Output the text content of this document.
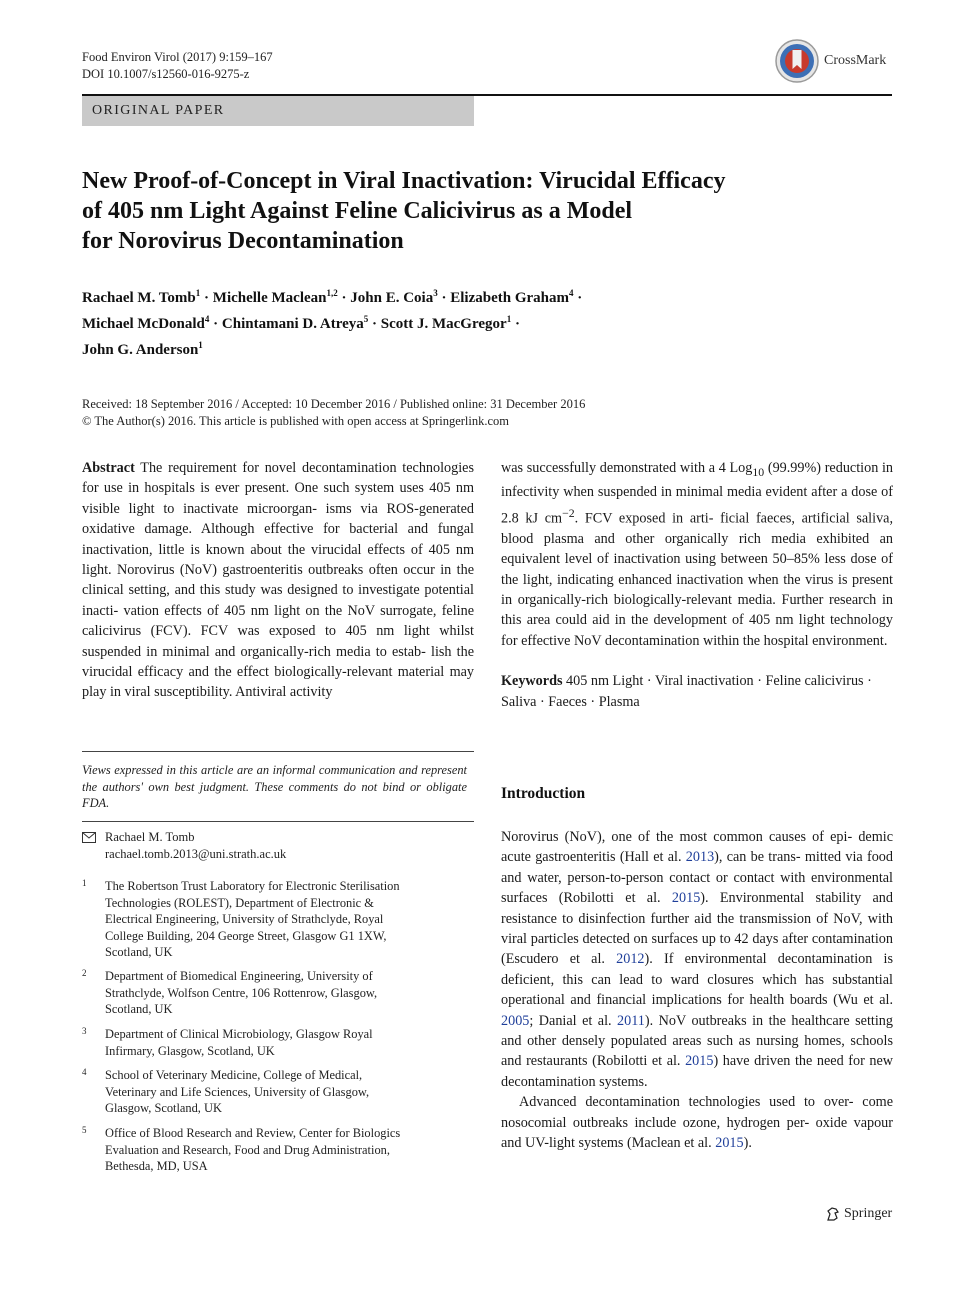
Food Environ Virol (2017) 9:159–167
DOI 10.1007/s12560-016-9275-z
CrossMark
ORIGINAL PAPER
New Proof-of-Concept in Viral Inactivation: Virucidal Efficacy
of 405 nm Light Against Feline Calicivirus as a Model
for Norovirus Decontamination
Rachael M. Tomb$^1$ · Michelle Maclean$^{1,2}$ · John E. Coia$^3$ · Elizabeth Graham$^4$ ·
Michael McDonald$^4$ · Chintamani D. Atreya$^5$ · Scott J. MacGregor$^1$ ·
John G. Anderson$^1$
Received: 18 September 2016 / Accepted: 10 December 2016 / Published online: 31 December 2016
© The Author(s) 2016. This article is published with open access at Springerlink.com

Abstract The requirement for novel decontamination technologies for use in hospitals is ever present. One such system uses 405 nm visible light to inactivate microorgan- isms via ROS-generated oxidative damage. Although effective for bacterial and fungal inactivation, little is known about the virucidal effects of 405 nm light. Norovirus (NoV) gastroenteritis outbreaks often occur in the clinical setting, and this study was designed to investigate potential inacti- vation effects of 405 nm light on the NoV surrogate, feline calicivirus (FCV). FCV was exposed to 405 nm light whilst suspended in minimal and organically-rich media to estab- lish the virucidal efficacy and the effect biologically-relevant material may play in viral susceptibility. Antiviral activity

was successfully demonstrated with a 4 Log$_{10}$ (99.99%) reduction in infectivity when suspended in minimal media evident after a dose of 2.8 kJ $cm^{-2}$. FCV exposed in arti- ficial faeces, artificial saliva, blood plasma and other organically rich media exhibited an equivalent level of inactivation using between 50–85% less dose of the light, indicating enhanced inactivation when the virus is present in organically-rich biologically-relevant media. Further research in this area could aid in the development of 405 nm light technology for effective NoV decontamination within the hospital environment.

Keywords 405 nm Light · Viral inactivation · Feline calicivirus · Saliva · Faeces · Plasma

Views expressed in this article are an informal communication and represent the authors' own best judgment. These comments do not bind or obligate FDA.
Rachael M. Tomb
rachael.tomb.2013@uni.strath.ac.uk
1 The Robertson Trust Laboratory for Electronic Sterilisation
Technologies (ROLEST), Department of Electronic &
Electrical Engineering, University of Strathclyde, Royal
College Building, 204 George Street, Glasgow G1 1XW,
Scotland, UK
2 Department of Biomedical Engineering, University of
Strathclyde, Wolfson Centre, 106 Rottenrow, Glasgow,
Scotland, UK
3 Department of Clinical Microbiology, Glasgow Royal
Infirmary, Glasgow, Scotland, UK
4 School of Veterinary Medicine, College of Medical,
Veterinary and Life Sciences, University of Glasgow,
Glasgow, Scotland, UK
5 Office of Blood Research and Review, Center for Biologics
Evaluation and Research, Food and Drug Administration,
Bethesda, MD, USA
Introduction

Norovirus (NoV), one of the most common causes of epi- demic acute gastroenteritis (Hall et al. 2013), can be trans- mitted via food and water, person-to-person contact or contact with environmental surfaces (Robilotti et al. 2015). Environmental stability and resistance to disinfection further aid the transmission of NoV, with viral particles detected on surfaces up to 42 days after contamination (Escudero et al. 2012). If environmental decontamination is deficient, this can lead to ward closures which has substantial operational and financial implications for health boards (Wu et al. 2005; Danial et al. 2011). NoV outbreaks in the healthcare setting and other densely populated areas such as nursing homes, schools and restaurants (Robilotti et al. 2015) have driven the need for new decontamination systems.

Advanced decontamination technologies used to over- come nosocomial outbreaks include ozone, hydrogen per- oxide vapour and UV-light systems (Maclean et al. 2015).

Springer
